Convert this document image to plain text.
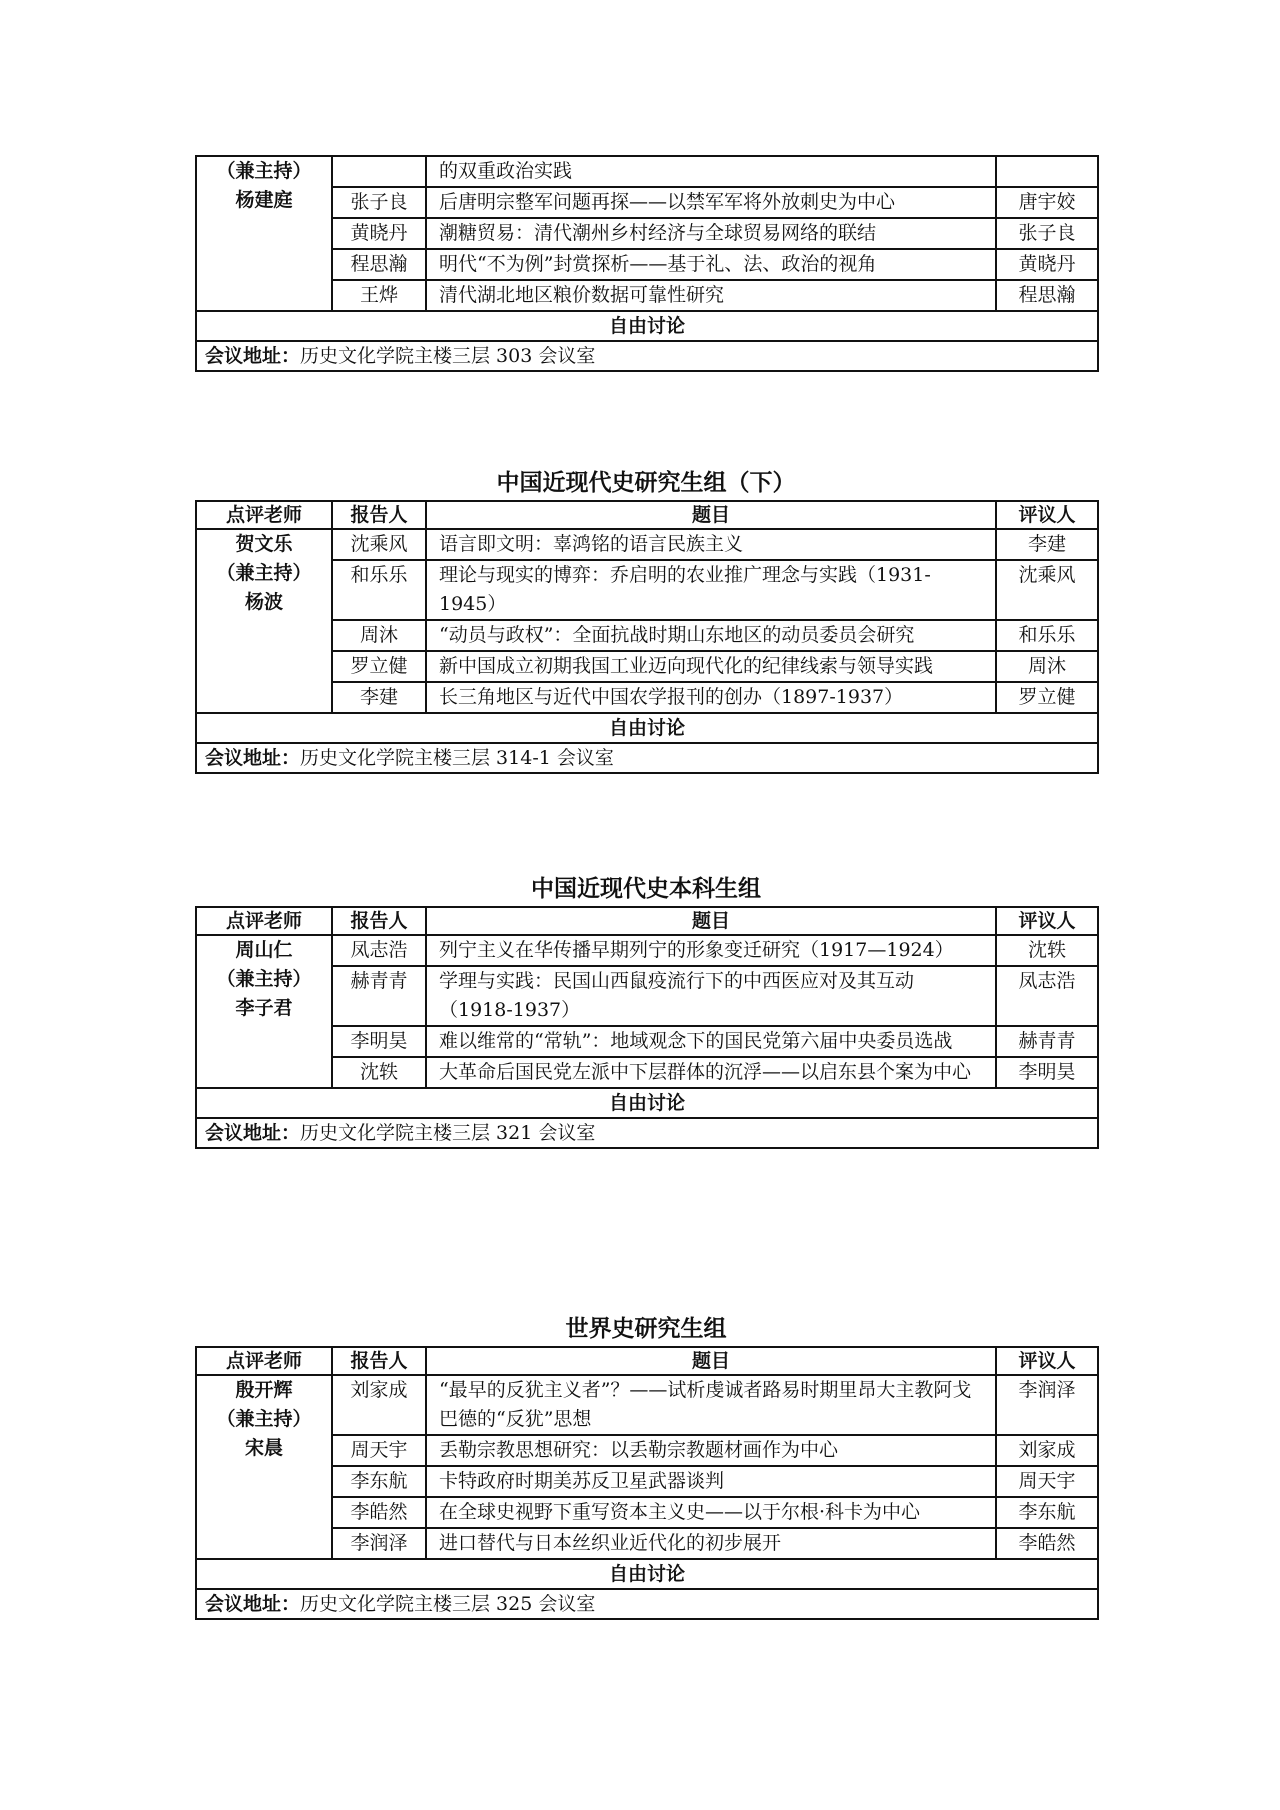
（兼主持）
杨建庭		的双重政治实践	
	张子良	后唐明宗整军问题再探——以禁军军将外放刺史为中心	唐宇姣
	黄晓丹	潮糖贸易：清代潮州乡村经济与全球贸易网络的联结	张子良
	程思瀚	明代“不为例”封赏探析——基于礼、法、政治的视角	黄晓丹
	王烨	清代湖北地区粮价数据可靠性研究	程思瀚
自由讨论			
会议地址：历史文化学院主楼三层 303 会议室			
中国近现代史研究生组（下）
点评老师	报告人	题目	评议人

贺文乐
（兼主持）
杨波	沈乘风	语言即文明：辜鸿铭的语言民族主义	李建
	和乐乐	理论与现实的博弈：乔启明的农业推广理念与实践（1931-1945）	沈乘风
	周沐	“动员与政权”：全面抗战时期山东地区的动员委员会研究	和乐乐
	罗立健	新中国成立初期我国工业迈向现代化的纪律线索与领导实践	周沐
	李建	长三角地区与近代中国农学报刊的创办（1897-1937）	罗立健
自由讨论			
会议地址：历史文化学院主楼三层 314-1 会议室			
中国近现代史本科生组
点评老师	报告人	题目	评议人

周山仁
（兼主持）
李子君	凤志浩	列宁主义在华传播早期列宁的形象变迁研究（1917—1924）	沈轶
	赫青青	学理与实践：民国山西鼠疫流行下的中西医应对及其互动（1918-1937）	凤志浩
	李明昊	难以维常的“常轨”：地域观念下的国民党第六届中央委员选战	赫青青
	沈轶	大革命后国民党左派中下层群体的沉浮——以启东县个案为中心	李明昊
自由讨论			
会议地址：历史文化学院主楼三层 321 会议室			
世界史研究生组
点评老师	报告人	题目	评议人

殷开辉
（兼主持）
宋晨	刘家成	“最早的反犹主义者”？——试析虔诚者路易时期里昂大主教阿戈巴德的“反犹”思想	李润泽
	周天宇	丢勒宗教思想研究：以丢勒宗教题材画作为中心	刘家成
	李东航	卡特政府时期美苏反卫星武器谈判	周天宇
	李皓然	在全球史视野下重写资本主义史——以于尔根·科卡为中心	李东航
	李润泽	进口替代与日本丝织业近代化的初步展开	李皓然
自由讨论			
会议地址：历史文化学院主楼三层 325 会议室			
